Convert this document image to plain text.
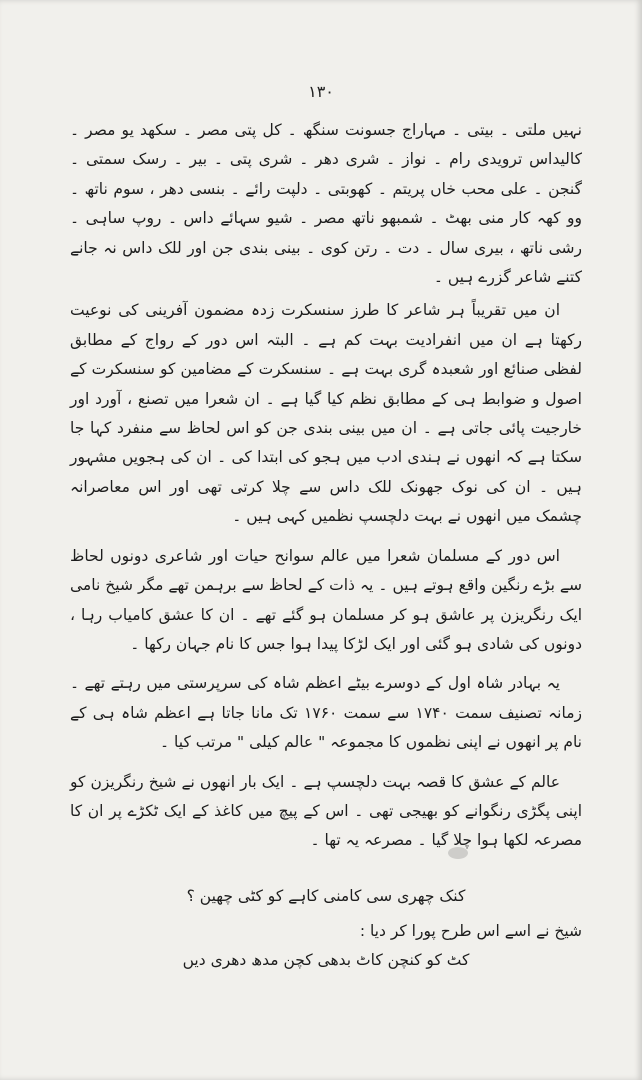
۱۳۰

نہیں ملتی ۔ بیتی ۔ مہاراج جسونت سنگھ ۔ کل پتی مصر ۔ سکھد یو مصر ۔ کالیداس ترویدی رام ۔ نواز ۔ شری دھر ۔ شری پتی ۔ بیر ۔ رسک سمتی ۔ گنجن ۔ علی محب خاں پریتم ۔ کھوبتی ۔ دلپت رائے ۔ بنسی دھر ، سوم ناتھ ۔ وو کھہ کار منی بھٹ ۔ شمبھو ناتھ مصر ۔ شیو سہائے داس ۔ روپ ساہی ۔ رشی ناتھ ، بیری سال ۔ دت ۔ رتن کوی ۔ بینی بندی جن اور للک داس نہ جانے کتنے شاعر گزرے ہیں ۔

ان میں تقریباً ہر شاعر کا طرز سنسکرت زدہ مضمون آفرینی کی نوعیت رکھتا ہے ان میں انفرادیت بہت کم ہے ۔ البتہ اس دور کے رواج کے مطابق لفظی صنائع اور شعبدہ گری بہت ہے ۔ سنسکرت کے مضامین کو سنسکرت کے اصول و ضوابط ہی کے مطابق نظم کیا گیا ہے ۔ ان شعرا میں تصنع ، آورد اور خارجیت پائی جاتی ہے ۔ ان میں بینی بندی جن کو اس لحاظ سے منفرد کہا جا سکتا ہے کہ انھوں نے ہندی ادب میں ہجو کی ابتدا کی ۔ ان کی ہجویں مشہور ہیں ۔ ان کی نوک جھونک للک داس سے چلا کرتی تھی اور اس معاصرانہ چشمک میں انھوں نے بہت دلچسپ نظمیں کہی ہیں ۔

اس دور کے مسلمان شعرا میں عالم سوانح حیات اور شاعری دونوں لحاظ سے بڑے رنگین واقع ہوتے ہیں ۔ یہ ذات کے لحاظ سے برہمن تھے مگر شیخ نامی ایک رنگریزن پر عاشق ہو کر مسلمان ہو گئے تھے ۔ ان کا عشق کامیاب رہا ، دونوں کی شادی ہو گئی اور ایک لڑکا پیدا ہوا جس کا نام جہان رکھا ۔

یہ بہادر شاہ اول کے دوسرے بیٹے اعظم شاہ کی سرپرستی میں رہتے تھے ۔ زمانہ تصنیف سمت ۱۷۴۰ سے سمت ۱۷۶۰ تک مانا جاتا ہے اعظم شاہ ہی کے نام پر انھوں نے اپنی نظموں کا مجموعہ " عالم کیلی " مرتب کیا ۔

عالم کے عشق کا قصہ بہت دلچسپ ہے ۔ ایک بار انھوں نے شیخ رنگریزن کو اپنی پگڑی رنگوانے کو بھیجی تھی ۔ اس کے پیچ میں کاغذ کے ایک ٹکڑے پر ان کا مصرعہ لکھا ہوا چلا گیا ۔ مصرعہ یہ تھا ۔

کنک چھری سی کامنی کاہے کو کٹی چھین ؟
شیخ نے اسے اس طرح پورا کر دیا :
کٹ کو کنچن کاٹ بدھی کچن مدھ دھری دیں
